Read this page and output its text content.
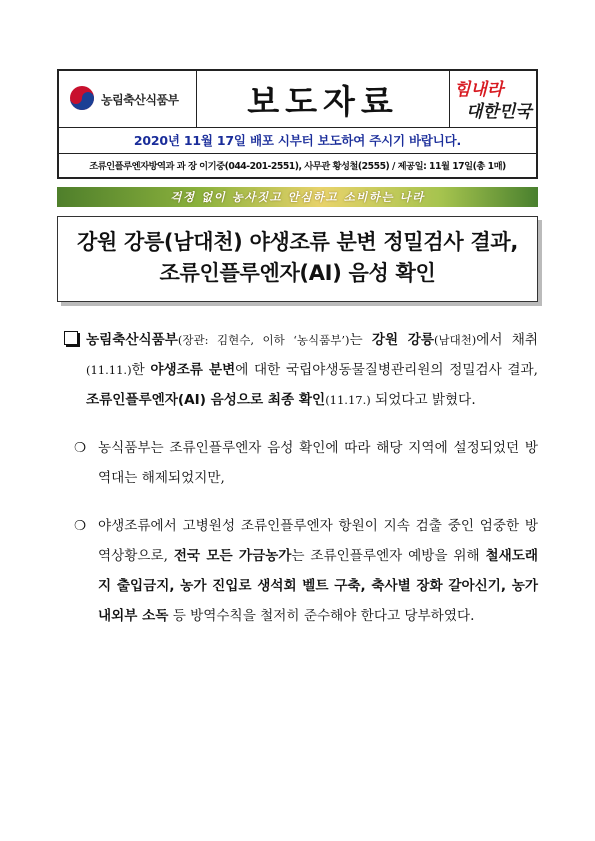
농림축산식품부 보도자료	힘내라
대한민국
2020년 11월 17일 배포 시부터 보도하여 주시기 바랍니다.
조류인플루엔자방역과 과 장 이기중(044-201-2551), 사무관 황성철(2555) / 제공일: 11월 17일(총 1매)
걱정 없이 농사짓고 안심하고 소비하는 나라

강원 강릉(남대천) 야생조류 분변 정밀검사 결과,

조류인플루엔자(AI) 음성 확인

농림축산식품부(장관: 김현수, 이하 ‘농식품부’)는 강원 강릉(남대천)에서 채취(11.11.)한 야생조류 분변에 대한 국립야생동물질병관리원의 정밀검사 결과, 조류인플루엔자(AI) 음성으로 최종 확인(11.17.) 되었다고 밝혔다.
❍ 농식품부는 조류인플루엔자 음성 확인에 따라 해당 지역에 설정되었던 방역대는 해제되었지만,
❍ 야생조류에서 고병원성 조류인플루엔자 항원이 지속 검출 중인 엄중한 방역상황으로, 전국 모든 가금농가는 조류인플루엔자 예방을 위해 철새도래지 출입금지, 농가 진입로 생석회 벨트 구축, 축사별 장화 갈아신기, 농가 내외부 소독 등 방역수칙을 철저히 준수해야 한다고 당부하였다.
